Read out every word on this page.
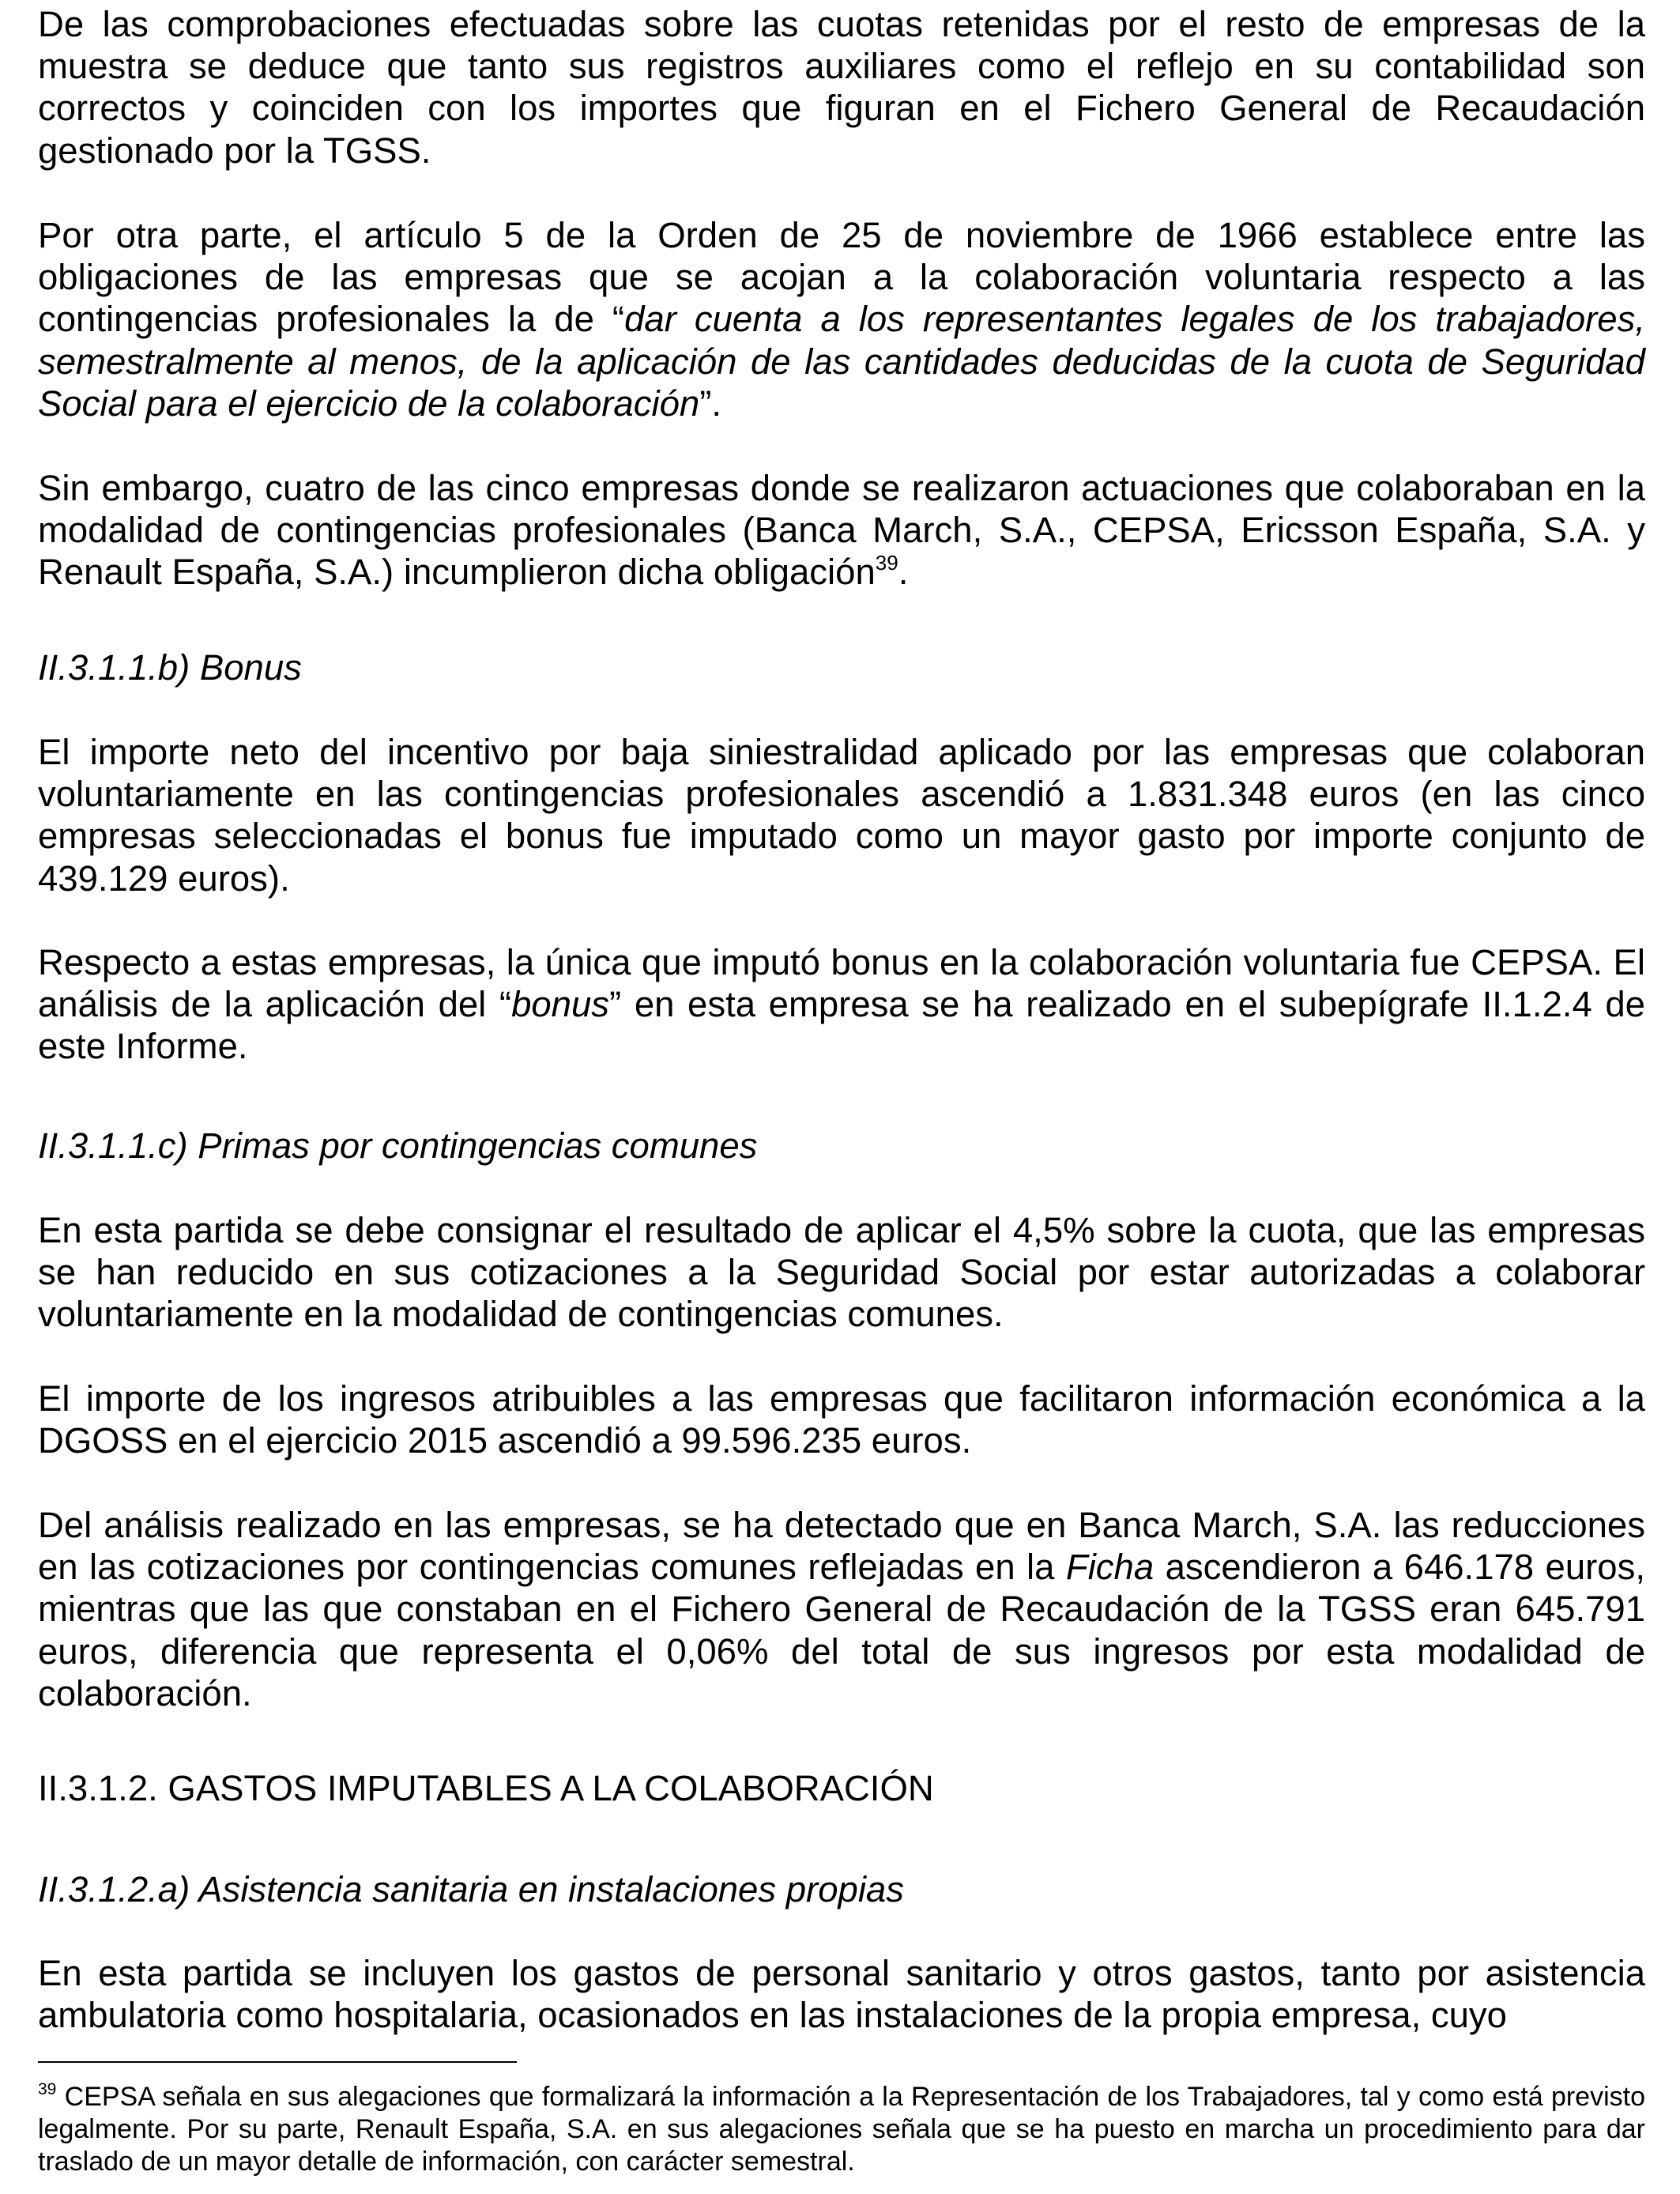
De las comprobaciones efectuadas sobre las cuotas retenidas por el resto de empresas de la muestra se deduce que tanto sus registros auxiliares como el reflejo en su contabilidad son correctos y coinciden con los importes que figuran en el Fichero General de Recaudación gestionado por la TGSS.

Por otra parte, el artículo 5 de la Orden de 25 de noviembre de 1966 establece entre las obligaciones de las empresas que se acojan a la colaboración voluntaria respecto a las contingencias profesionales la de “dar cuenta a los representantes legales de los trabajadores, semestralmente al menos, de la aplicación de las cantidades deducidas de la cuota de Seguridad Social para el ejercicio de la colaboración”.

Sin embargo, cuatro de las cinco empresas donde se realizaron actuaciones que colaboraban en la modalidad de contingencias profesionales (Banca March, S.A., CEPSA, Ericsson España, S.A. y Renault España, S.A.) incumplieron dicha obligación$^{39}$.

II.3.1.1.b) Bonus

El importe neto del incentivo por baja siniestralidad aplicado por las empresas que colaboran voluntariamente en las contingencias profesionales ascendió a 1.831.348 euros (en las cinco empresas seleccionadas el bonus fue imputado como un mayor gasto por importe conjunto de 439.129 euros).

Respecto a estas empresas, la única que imputó bonus en la colaboración voluntaria fue CEPSA. El análisis de la aplicación del “bonus” en esta empresa se ha realizado en el subepígrafe II.1.2.4 de este Informe.

II.3.1.1.c) Primas por contingencias comunes

En esta partida se debe consignar el resultado de aplicar el 4,5% sobre la cuota, que las empresas se han reducido en sus cotizaciones a la Seguridad Social por estar autorizadas a colaborar voluntariamente en la modalidad de contingencias comunes.

El importe de los ingresos atribuibles a las empresas que facilitaron información económica a la DGOSS en el ejercicio 2015 ascendió a 99.596.235 euros.

Del análisis realizado en las empresas, se ha detectado que en Banca March, S.A. las reducciones en las cotizaciones por contingencias comunes reflejadas en la Ficha ascendieron a 646.178 euros, mientras que las que constaban en el Fichero General de Recaudación de la TGSS eran 645.791 euros, diferencia que representa el 0,06% del total de sus ingresos por esta modalidad de colaboración.

II.3.1.2. GASTOS IMPUTABLES A LA COLABORACIÓN

II.3.1.2.a) Asistencia sanitaria en instalaciones propias

En esta partida se incluyen los gastos de personal sanitario y otros gastos, tanto por asistencia ambulatoria como hospitalaria, ocasionados en las instalaciones de la propia empresa, cuyo

$^{39}$ CEPSA señala en sus alegaciones que formalizará la información a la Representación de los Trabajadores, tal y como está previsto legalmente. Por su parte, Renault España, S.A. en sus alegaciones señala que se ha puesto en marcha un procedimiento para dar traslado de un mayor detalle de información, con carácter semestral.
